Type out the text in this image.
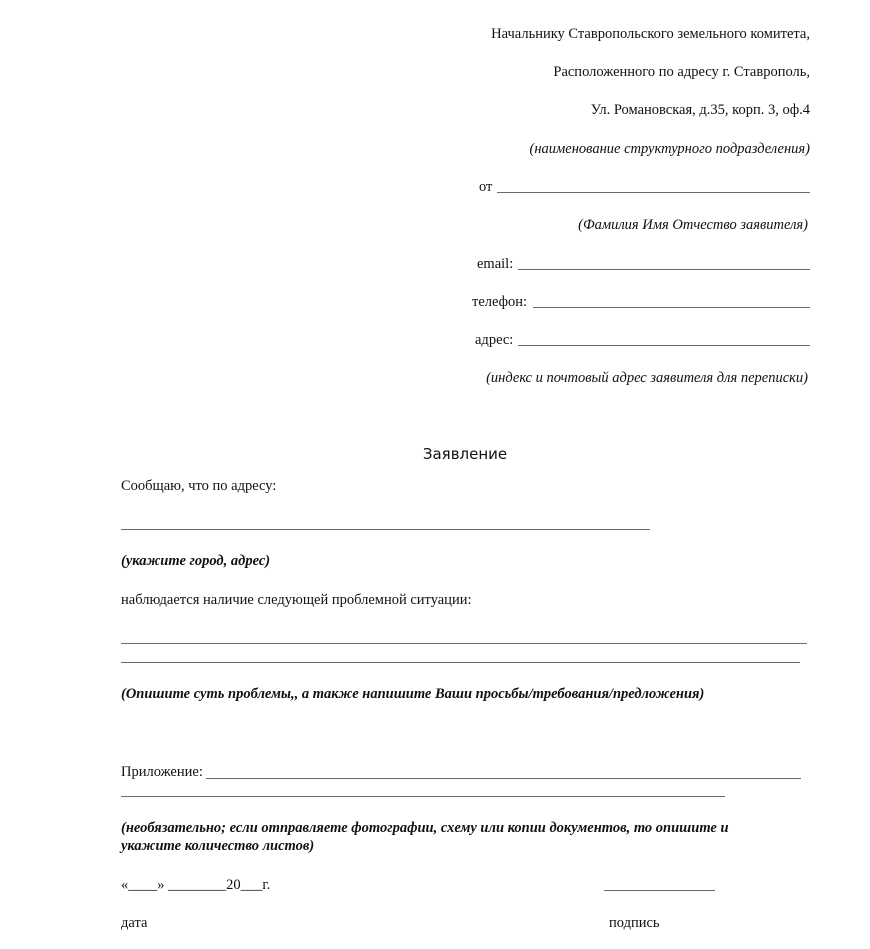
Начальнику Ставропольского земельного комитета,
Расположенного по адресу г. Ставрополь,
Ул. Романовская, д.35, корп. 3, оф.4
(наименование структурного подразделения)
от
(Фамилия Имя Отчество заявителя)
email:
телефон:
адрес:
(индекс и почтовый адрес заявителя для переписки)
Заявление
Сообщаю, что по адресу:
(укажите город, адрес)
наблюдается наличие следующей проблемной ситуации:
(Опишите суть проблемы,, а также напишите Ваши просьбы/требования/предложения)
Приложение:
(необязательно; если отправляете фотографии, схему или копии документов, то опишите и
укажите количество листов)
«____» ________20___г.
дата	подпись
